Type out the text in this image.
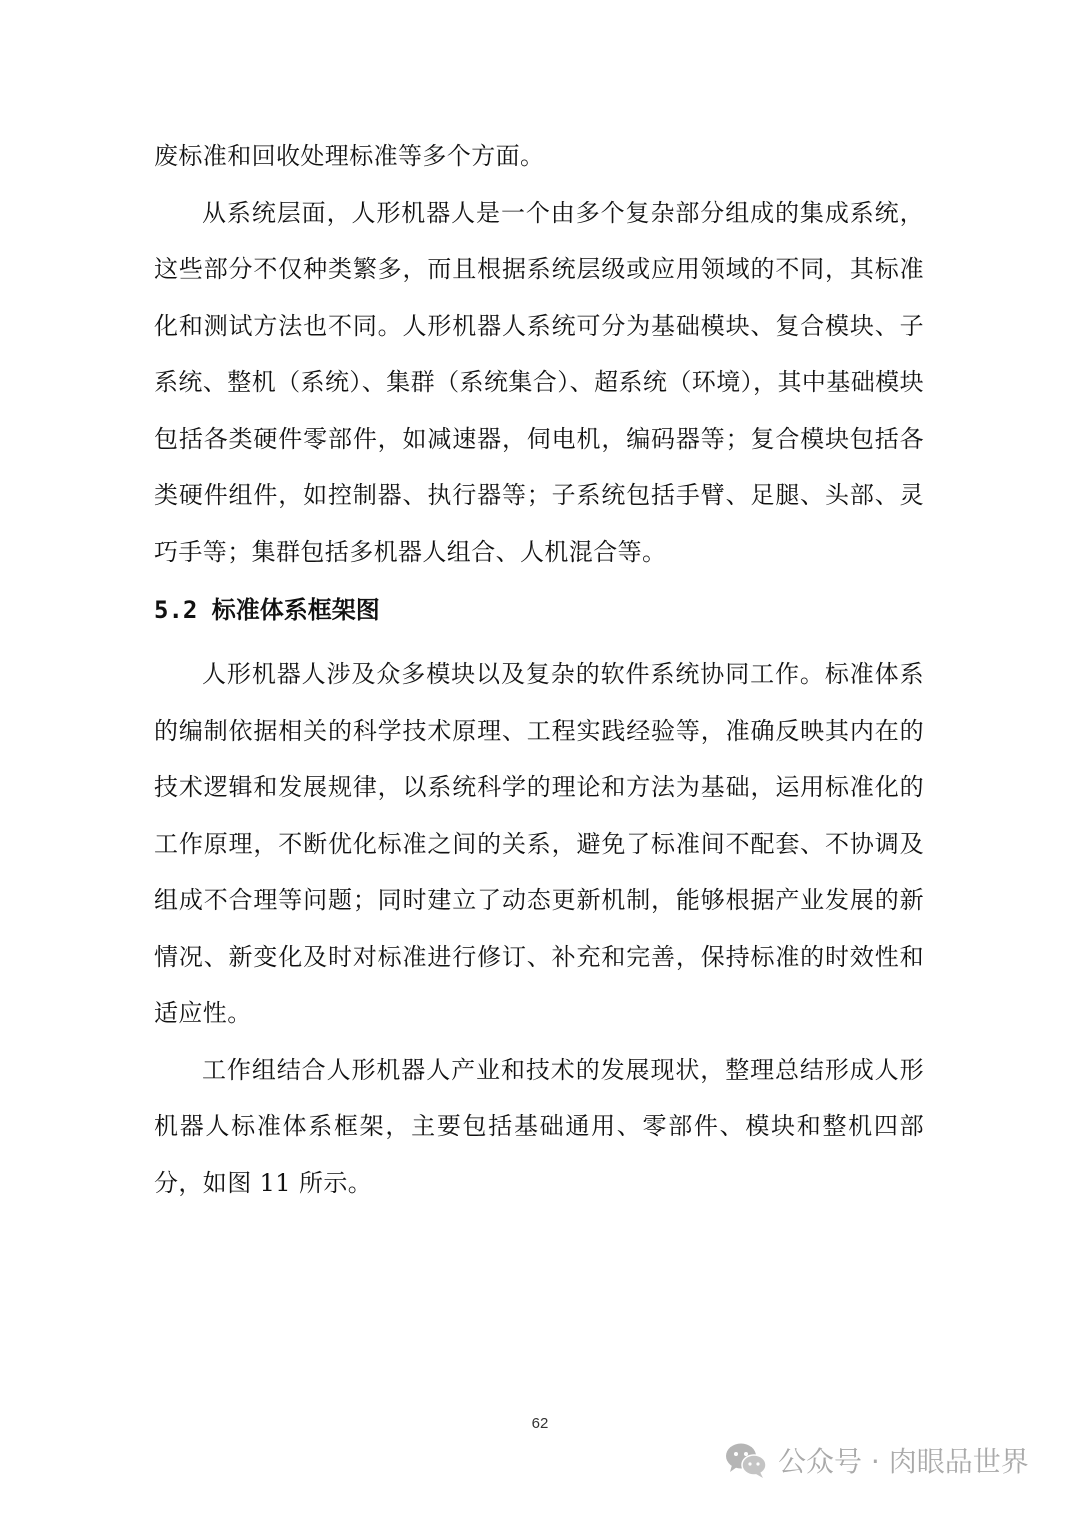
废标准和回收处理标准等多个方面。

从系统层面，人形机器人是一个由多个复杂部分组成的集成系统，这些部分不仅种类繁多，而且根据系统层级或应用领域的不同，其标准化和测试方法也不同。人形机器人系统可分为基础模块、复合模块、子系统、整机（系统）、集群（系统集合）、超系统（环境），其中基础模块包括各类硬件零部件，如减速器，伺电机，编码器等；复合模块包括各类硬件组件，如控制器、执行器等；子系统包括手臂、足腿、头部、灵巧手等；集群包括多机器人组合、人机混合等。

5.2 标准体系框架图

人形机器人涉及众多模块以及复杂的软件系统协同工作。标准体系的编制依据相关的科学技术原理、工程实践经验等，准确反映其内在的技术逻辑和发展规律，以系统科学的理论和方法为基础，运用标准化的工作原理，不断优化标准之间的关系，避免了标准间不配套、不协调及组成不合理等问题；同时建立了动态更新机制，能够根据产业发展的新情况、新变化及时对标准进行修订、补充和完善，保持标准的时效性和适应性。

工作组结合人形机器人产业和技术的发展现状，整理总结形成人形机器人标准体系框架，主要包括基础通用、零部件、模块和整机四部分，如图 11 所示。

62
公众号 · 肉眼品世界
